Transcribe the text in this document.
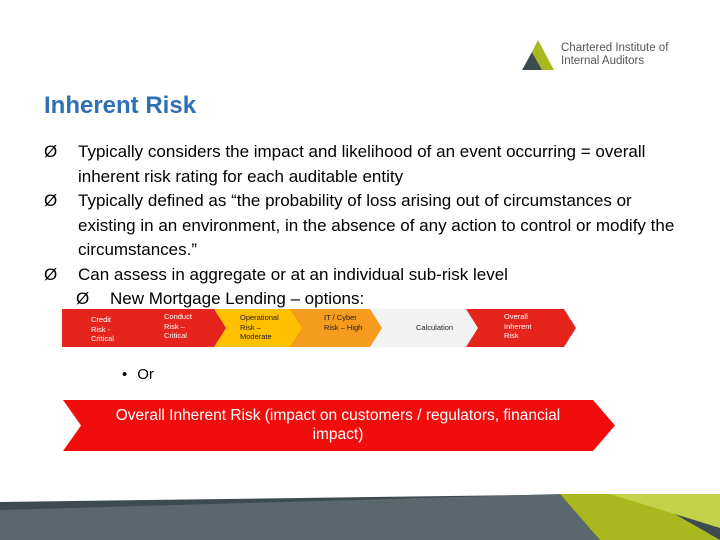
Chartered Institute of
Internal Auditors
Inherent Risk
Ø	Typically considers the impact and likelihood of an event occurring = overall inherent risk rating for each auditable entity
Ø	Typically defined as “the probability of loss arising out of circumstances or existing in an environment, in the absence of any action to control or modify the circumstances.”
Ø	Can assess in aggregate or at an individual sub-risk level
Ø	New Mortgage Lending – options:
Credit Risk - Critical
Conduct Risk – Critical
Operational Risk – Moderate
IT / Cyber Risk – High	Calculation
Overall Inherent Risk
• Or
Overall Inherent Risk (impact on customers / regulators, financial impact)
